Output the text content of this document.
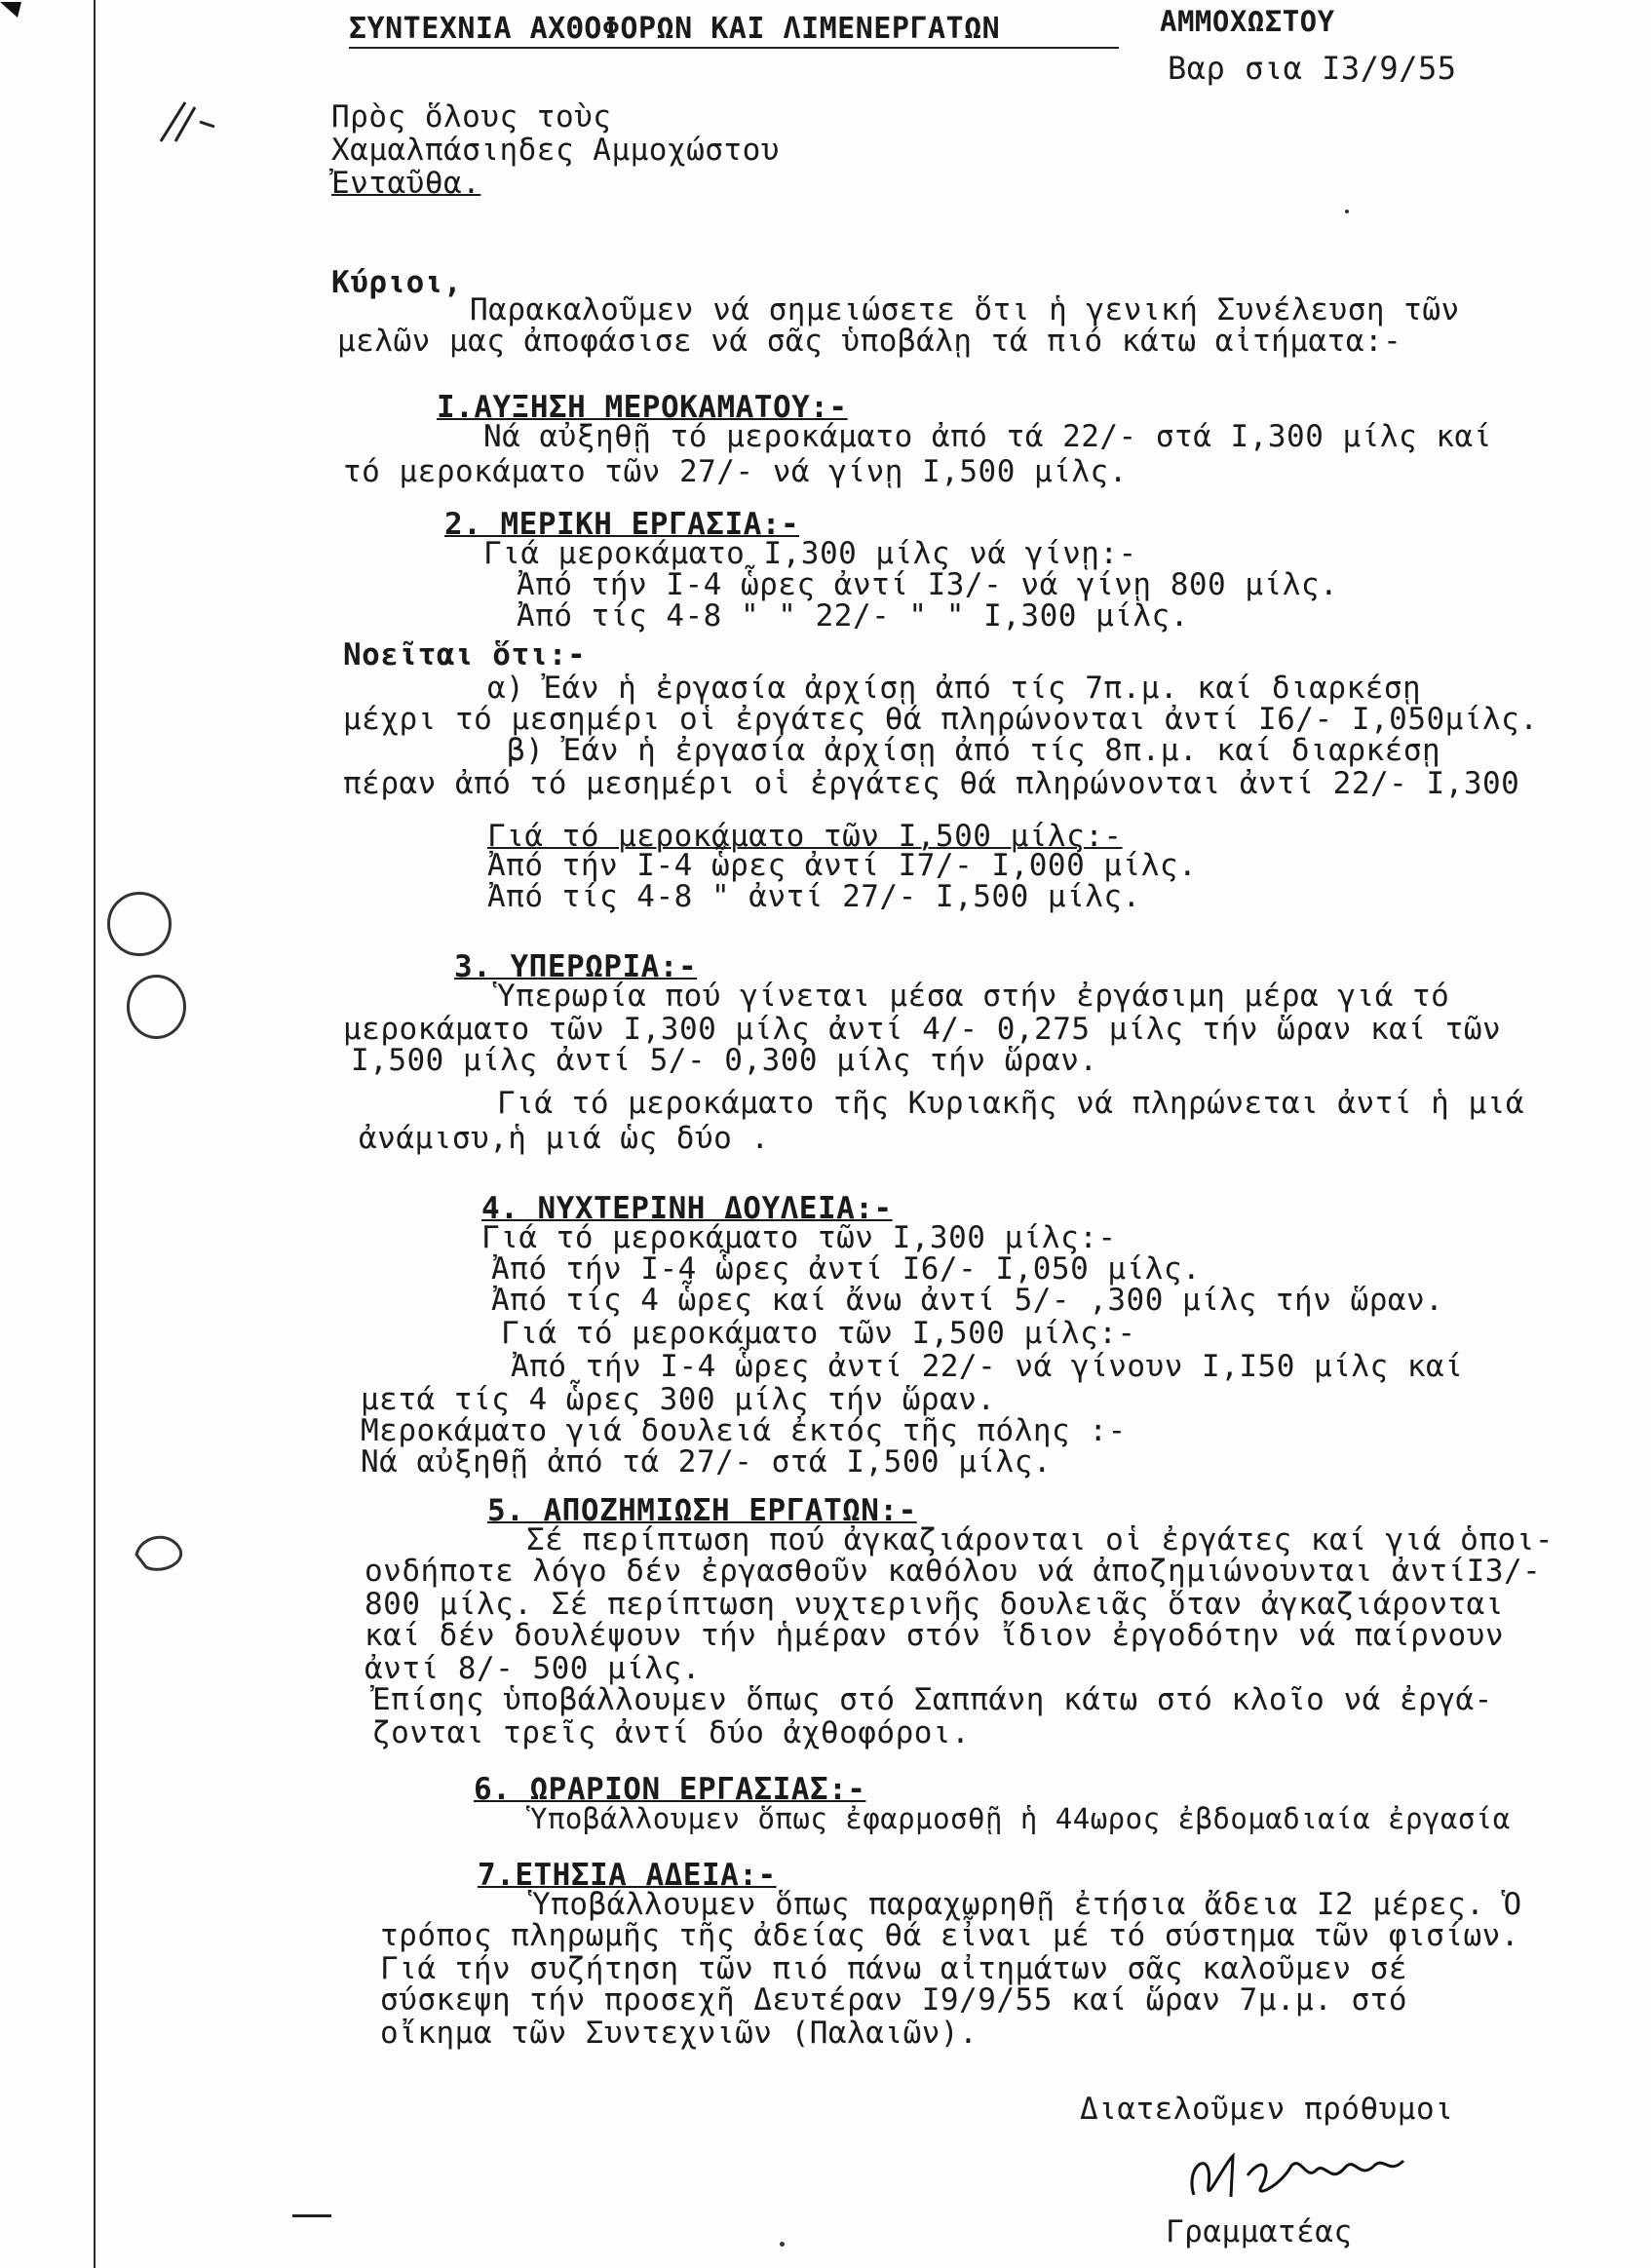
ΣΥΝΤΕΧΝΙΑ ΑΧΘΟΦΟΡΩΝ ΚΑΙ ΛΙΜΕΝΕΡΓΑΤΩΝ	ΑΜΜΟΧΩΣΤΟΥ
Βαρ σια Ι3/9/55
Πρὸς ὅλους τοὺς
Χαμαλπάσιηδες Αμμοχώστου
Ἐνταῦθα.
Κύριοι,
Παρακαλοῦμεν νά σημειώσετε ὅτι ἡ γενική Συνέλευση τῶν
μελῶν μας ἀποφάσισε νά σᾶς ὑποβάλῃ τά πιό κάτω αἰτήματα:-
Ι.ΑΥΞΗΣΗ ΜΕΡΟΚΑΜΑΤΟΥ:-
Νά αὐξηθῇ τό μεροκάματο ἀπό τά 22/- στά Ι,300 μίλς καί
τό μεροκάματο τῶν 27/- νά γίνῃ Ι,500 μίλς.
2. ΜΕΡΙΚΗ ΕΡΓΑΣΙΑ:-
Γιά μεροκάματο Ι,300 μίλς νά γίνῃ:-
Ἀπό τήν Ι-4 ὧρες ἀντί Ι3/- νά γίνῃ 800 μίλς.
Ἀπό τίς 4-8 " " 22/- " " Ι,300 μίλς.
Νοεῖται ὅτι:-
α) Ἐάν ἡ ἐργασία ἀρχίσῃ ἀπό τίς 7π.μ. καί διαρκέσῃ
μέχρι τό μεσημέρι οἱ ἐργάτες θά πληρώνονται ἀντί Ι6/- Ι,050μίλς.
β) Ἐάν ἡ ἐργασία ἀρχίσῃ ἀπό τίς 8π.μ. καί διαρκέσῃ
πέραν ἀπό τό μεσημέρι οἱ ἐργάτες θά πληρώνονται ἀντί 22/- Ι,300
Γιά τό μεροκάματο τῶν Ι,500 μίλς:-
Ἀπό τήν Ι-4 ὧρες ἀντί Ι7/- Ι,000 μίλς.
Ἀπό τίς 4-8 " ἀντί 27/- Ι,500 μίλς.
3. ΥΠΕΡΩΡΙΑ:-
Ὑπερωρία πού γίνεται μέσα στήν ἐργάσιμη μέρα γιά τό
μεροκάματο τῶν Ι,300 μίλς ἀντί 4/- 0,275 μίλς τήν ὥραν καί τῶν
Ι,500 μίλς ἀντί 5/- 0,300 μίλς τήν ὥραν.
Γιά τό μεροκάματο τῆς Κυριακῆς νά πληρώνεται ἀντί ἡ μιά
ἀνάμισυ,ἡ μιά ὡς δύο .
4. ΝΥΧΤΕΡΙΝΗ ΔΟΥΛΕΙΑ:-
Γιά τό μεροκάματο τῶν Ι,300 μίλς:-
Ἀπό τήν Ι-4 ὧρες ἀντί Ι6/- Ι,050 μίλς.
Ἀπό τίς 4 ὧρες καί ἄνω ἀντί 5/- ,300 μίλς τήν ὥραν.
Γιά τό μεροκάματο τῶν Ι,500 μίλς:-
Ἀπό τήν Ι-4 ὧρες ἀντί 22/- νά γίνουν Ι,Ι50 μίλς καί
μετά τίς 4 ὧρες 300 μίλς τήν ὥραν.
Μεροκάματο γιά δουλειά ἐκτός τῆς πόλης :-
Νά αὐξηθῇ ἀπό τά 27/- στά Ι,500 μίλς.
5. ΑΠΟΖΗΜΙΩΣΗ ΕΡΓΑΤΩΝ:-
Σέ περίπτωση πού ἀγκαζιάρονται οἱ ἐργάτες καί γιά ὁποι-
ονδήποτε λόγο δέν ἐργασθοῦν καθόλου νά ἀποζημιώνουνται ἀντίΙ3/-
800 μίλς. Σέ περίπτωση νυχτερινῆς δουλειᾶς ὅταν ἀγκαζιάρονται
καί δέν δουλέψουν τήν ἡμέραν στόν ἴδιον ἐργοδότην νά παίρνουν
ἀντί 8/- 500 μίλς.
Ἐπίσης ὑποβάλλουμεν ὅπως στό Σαππάνη κάτω στό κλοῖο νά ἐργά-
ζονται τρεῖς ἀντί δύο ἀχθοφόροι.
6. ΩΡΑΡΙΟΝ ΕΡΓΑΣΙΑΣ:-
Ὑποβάλλουμεν ὅπως ἐφαρμοσθῇ ἡ 44ωρος ἐβδομαδιαία ἐργασία
7.ΕΤΗΣΙΑ ΑΔΕΙΑ:-
Ὑποβάλλουμεν ὅπως παραχωρηθῇ ἐτήσια ἄδεια Ι2 μέρες. Ὁ
τρόπος πληρωμῆς τῆς ἀδείας θά εἶναι μέ τό σύστημα τῶν φισίων.
Γιά τήν συζήτηση τῶν πιό πάνω αἰτημάτων σᾶς καλοῦμεν σέ
σύσκεψη τήν προσεχῆ Δευτέραν Ι9/9/55 καί ὥραν 7μ.μ. στό
οἴκημα τῶν Συντεχνιῶν (Παλαιῶν).
Διατελοῦμεν πρόθυμοι
Ν Πέτρης
Γραμματέας
